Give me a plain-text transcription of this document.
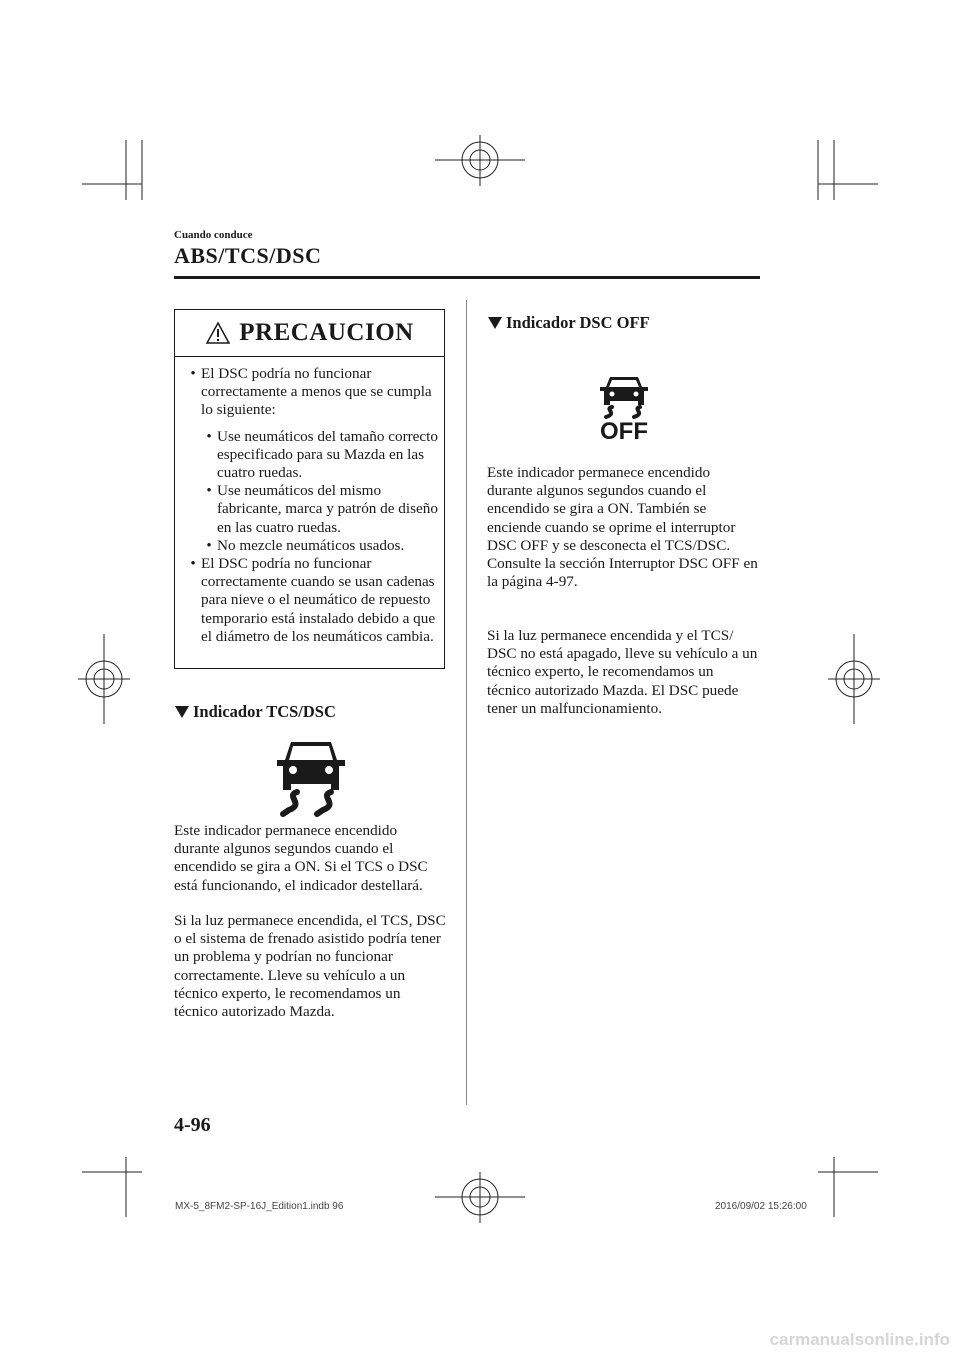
Cuando conduce
ABS/TCS/DSC
PRECAUCION
• El DSC podría no funcionar correctamente a menos que se cumpla lo siguiente:
• Use neumáticos del tamaño correcto especificado para su Mazda en las cuatro ruedas.
• Use neumáticos del mismo fabricante, marca y patrón de diseño en las cuatro ruedas.
• No mezcle neumáticos usados.
• El DSC podría no funcionar correctamente cuando se usan cadenas para nieve o el neumático de repuesto temporario está instalado debido a que el diámetro de los neumáticos cambia.
Indicador TCS/DSC
Este indicador permanece encendido durante algunos segundos cuando el encendido se gira a ON. Si el TCS o DSC está funcionando, el indicador destellará.
Si la luz permanece encendida, el TCS, DSC o el sistema de frenado asistido podría tener un problema y podrían no funcionar correctamente. Lleve su vehículo a un técnico experto, le recomendamos un técnico autorizado Mazda.
Indicador DSC OFF
OFF
Este indicador permanece encendido durante algunos segundos cuando el encendido se gira a ON. También se enciende cuando se oprime el interruptor DSC OFF y se desconecta el TCS/DSC. Consulte la sección Interruptor DSC OFF en la página 4-97.
Si la luz permanece encendida y el TCS/ DSC no está apagado, lleve su vehículo a un técnico experto, le recomendamos un técnico autorizado Mazda. El DSC puede tener un malfuncionamiento.
4-96
MX-5_8FM2-SP-16J_Edition1.indb 96	2016/09/02 15:26:00
carmanualsonline.info
